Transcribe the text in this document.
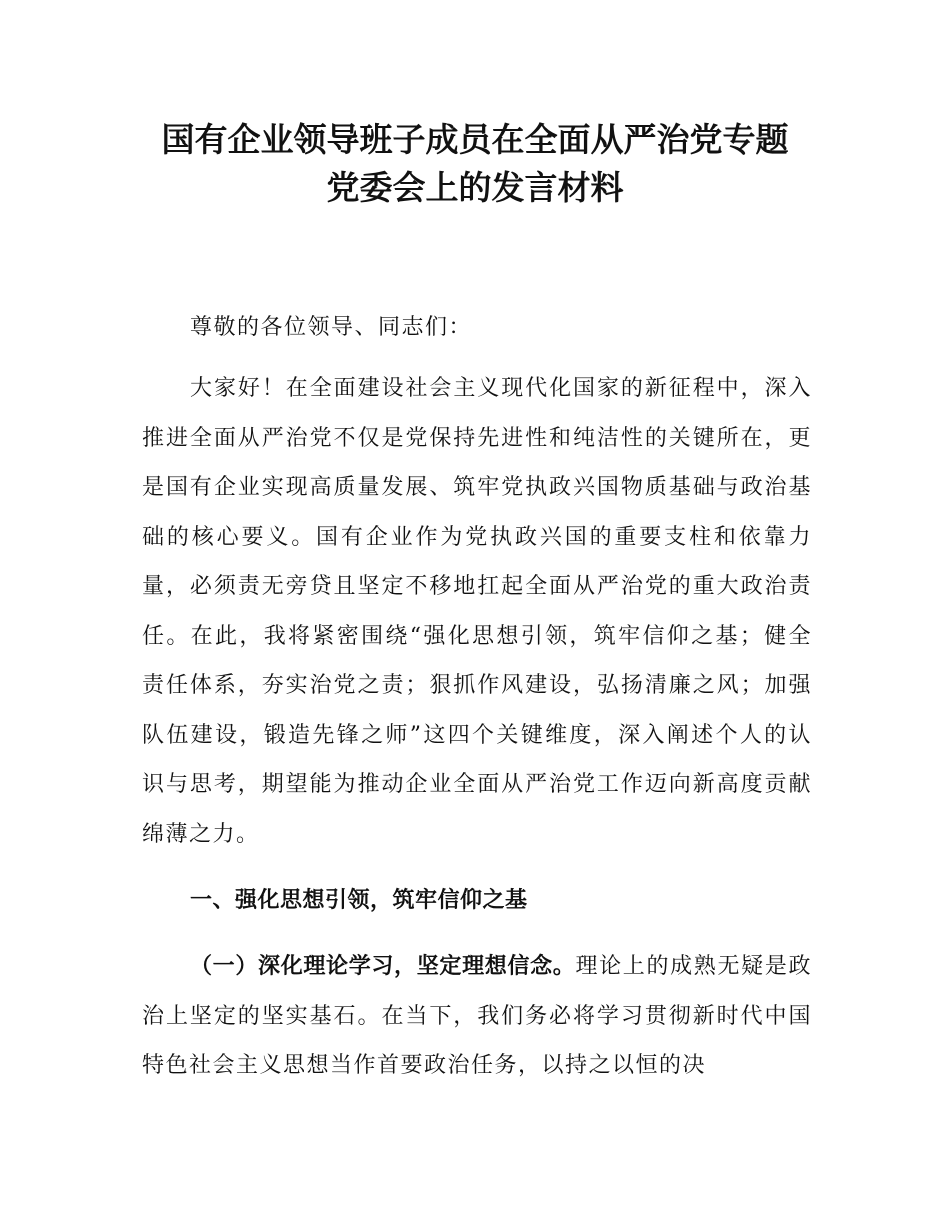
国有企业领导班子成员在全面从严治党专题
党委会上的发言材料

尊敬的各位领导、同志们：

大家好！在全面建设社会主义现代化国家的新征程中，深入推进全面从严治党不仅是党保持先进性和纯洁性的关键所在，更是国有企业实现高质量发展、筑牢党执政兴国物质基础与政治基础的核心要义。国有企业作为党执政兴国的重要支柱和依靠力量，必须责无旁贷且坚定不移地扛起全面从严治党的重大政治责任。在此，我将紧密围绕“强化思想引领，筑牢信仰之基；健全责任体系，夯实治党之责；狠抓作风建设，弘扬清廉之风；加强队伍建设，锻造先锋之师”这四个关键维度，深入阐述个人的认识与思考，期望能为推动企业全面从严治党工作迈向新高度贡献绵薄之力。

一、强化思想引领，筑牢信仰之基

（一）深化理论学习，坚定理想信念。理论上的成熟无疑是政治上坚定的坚实基石。在当下，我们务必将学习贯彻新时代中国特色社会主义思想当作首要政治任务，以持之以恒的决
